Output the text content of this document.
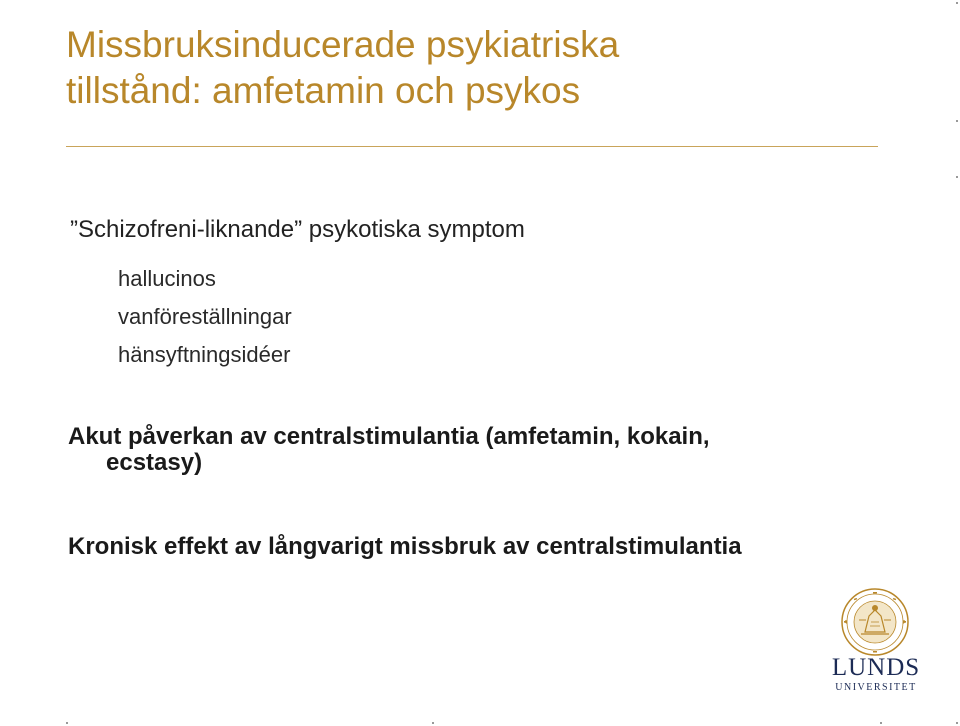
Missbruksinducerade psykiatriska
tillstånd: amfetamin och psykos
”Schizofreni-liknande” psykotiska symptom
hallucinos
vanföreställningar
hänsyftningsidéer
Akut påverkan av centralstimulantia (amfetamin, kokain,
ecstasy)
Kronisk effekt av långvarigt missbruk av centralstimulantia
LUNDS
UNIVERSITET
